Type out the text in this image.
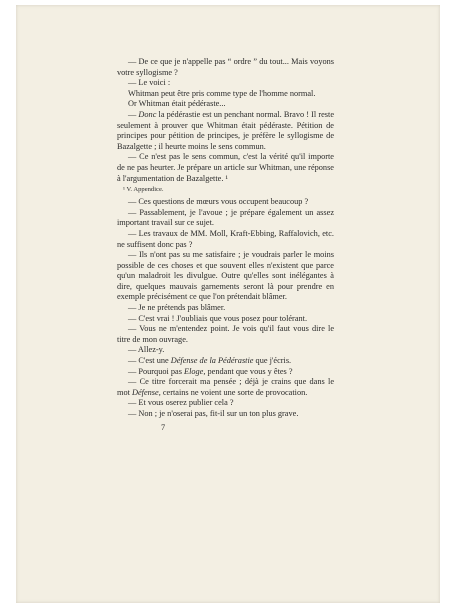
— De ce que je n'appelle pas “ ordre ” du tout... Mais voyons votre syllogisme ?

— Le voici :

Whitman peut être pris comme type de l'homme normal.

Or Whitman était pédéraste...

— Donc la pédérastie est un penchant normal. Bravo ! Il reste seulement à prouver que Whitman était pédéraste. Pétition de principes pour pétition de principes, je préfère le syllogisme de Bazalgette ; il heurte moins le sens commun.

— Ce n'est pas le sens commun, c'est la vérité qu'il importe de ne pas heurter. Je prépare un article sur Whitman, une réponse à l'argumentation de Bazalgette. ¹

¹ V. Appendice.

— Ces questions de mœurs vous occupent beaucoup ?

— Passablement, je l'avoue ; je prépare également un assez important travail sur ce sujet.

— Les travaux de MM. Moll, Kraft-Ebbing, Raffalovich, etc. ne suffisent donc pas ?

— Ils n'ont pas su me satisfaire ; je voudrais parler le moins possible de ces choses et que souvent elles n'existent que parce qu'un maladroit les divulgue. Outre qu'elles sont inélégantes à dire, quelques mauvais garnements seront là pour prendre en exemple précisément ce que l'on prétendait blâmer.

— Je ne prétends pas blâmer.

— C'est vrai ! J'oubliais que vous posez pour tolérant.

— Vous ne m'entendez point. Je vois qu'il faut vous dire le titre de mon ouvrage.

— Allez-y.

— C'est une Défense de la Pédérastie que j'écris.

— Pourquoi pas Eloge, pendant que vous y êtes ?

— Ce titre forcerait ma pensée ; déjà je crains que dans le mot Défense, certains ne voient une sorte de provocation.

— Et vous oserez publier cela ?

— Non ; je n'oserai pas, fit-il sur un ton plus grave.

7
